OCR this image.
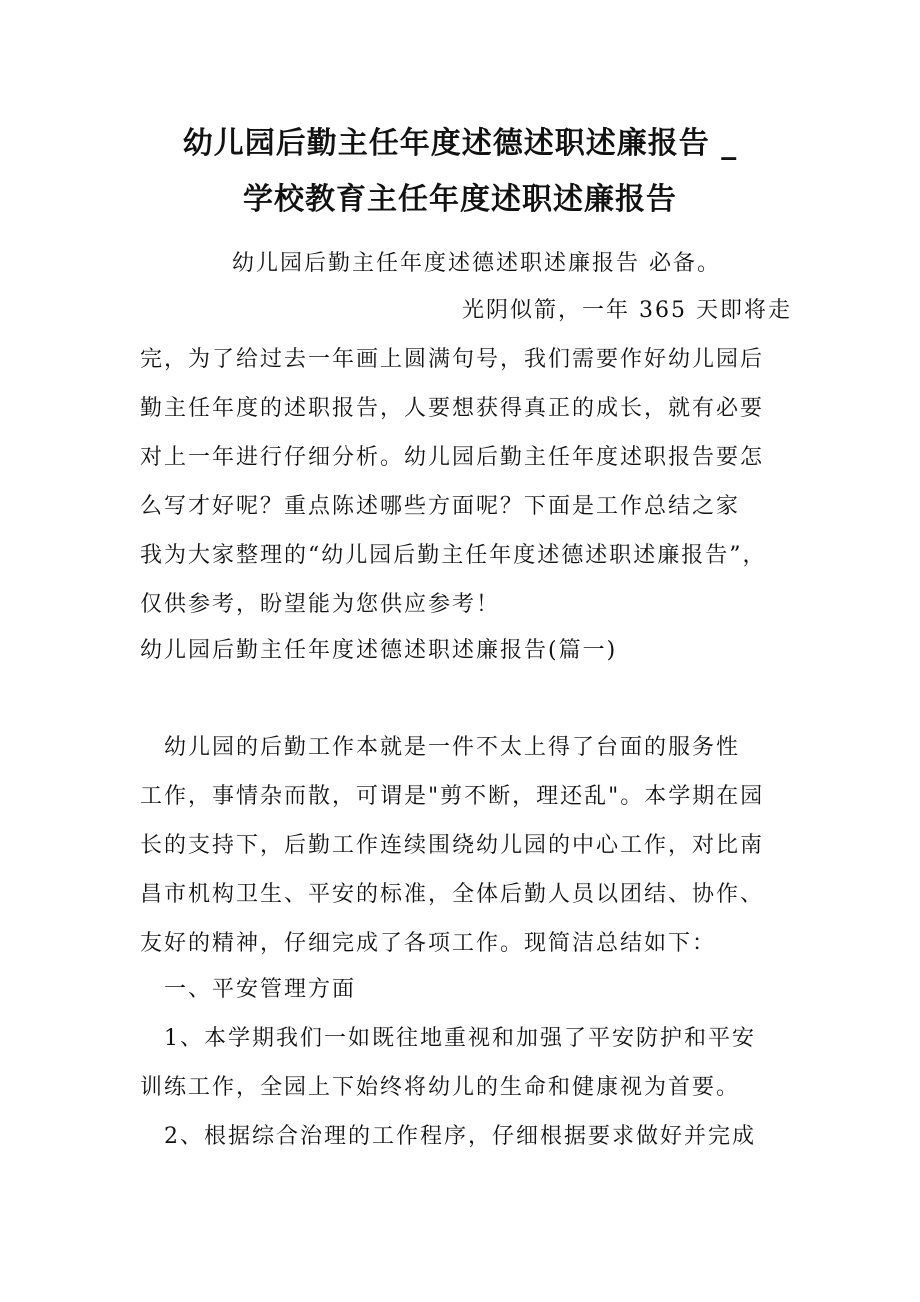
幼儿园后勤主任年度述德述职述廉报告 _
学校教育主任年度述职述廉报告

幼儿园后勤主任年度述德述职述廉报告 必备。

光阴似箭，一年 365 天即将走

完，为了给过去一年画上圆满句号，我们需要作好幼儿园后

勤主任年度的述职报告，人要想获得真正的成长，就有必要

对上一年进行仔细分析。幼儿园后勤主任年度述职报告要怎

么写才好呢？重点陈述哪些方面呢？下面是工作总结之家

我为大家整理的“幼儿园后勤主任年度述德述职述廉报告”，

仅供参考，盼望能为您供应参考！

幼儿园后勤主任年度述德述职述廉报告(篇一)

幼儿园的后勤工作本就是一件不太上得了台面的服务性

工作，事情杂而散，可谓是"剪不断，理还乱"。本学期在园

长的支持下，后勤工作连续围绕幼儿园的中心工作，对比南

昌市机构卫生、平安的标准，全体后勤人员以团结、协作、

友好的精神，仔细完成了各项工作。现简洁总结如下：

一、平安管理方面

1、本学期我们一如既往地重视和加强了平安防护和平安

训练工作，全园上下始终将幼儿的生命和健康视为首要。

2、根据综合治理的工作程序，仔细根据要求做好并完成
